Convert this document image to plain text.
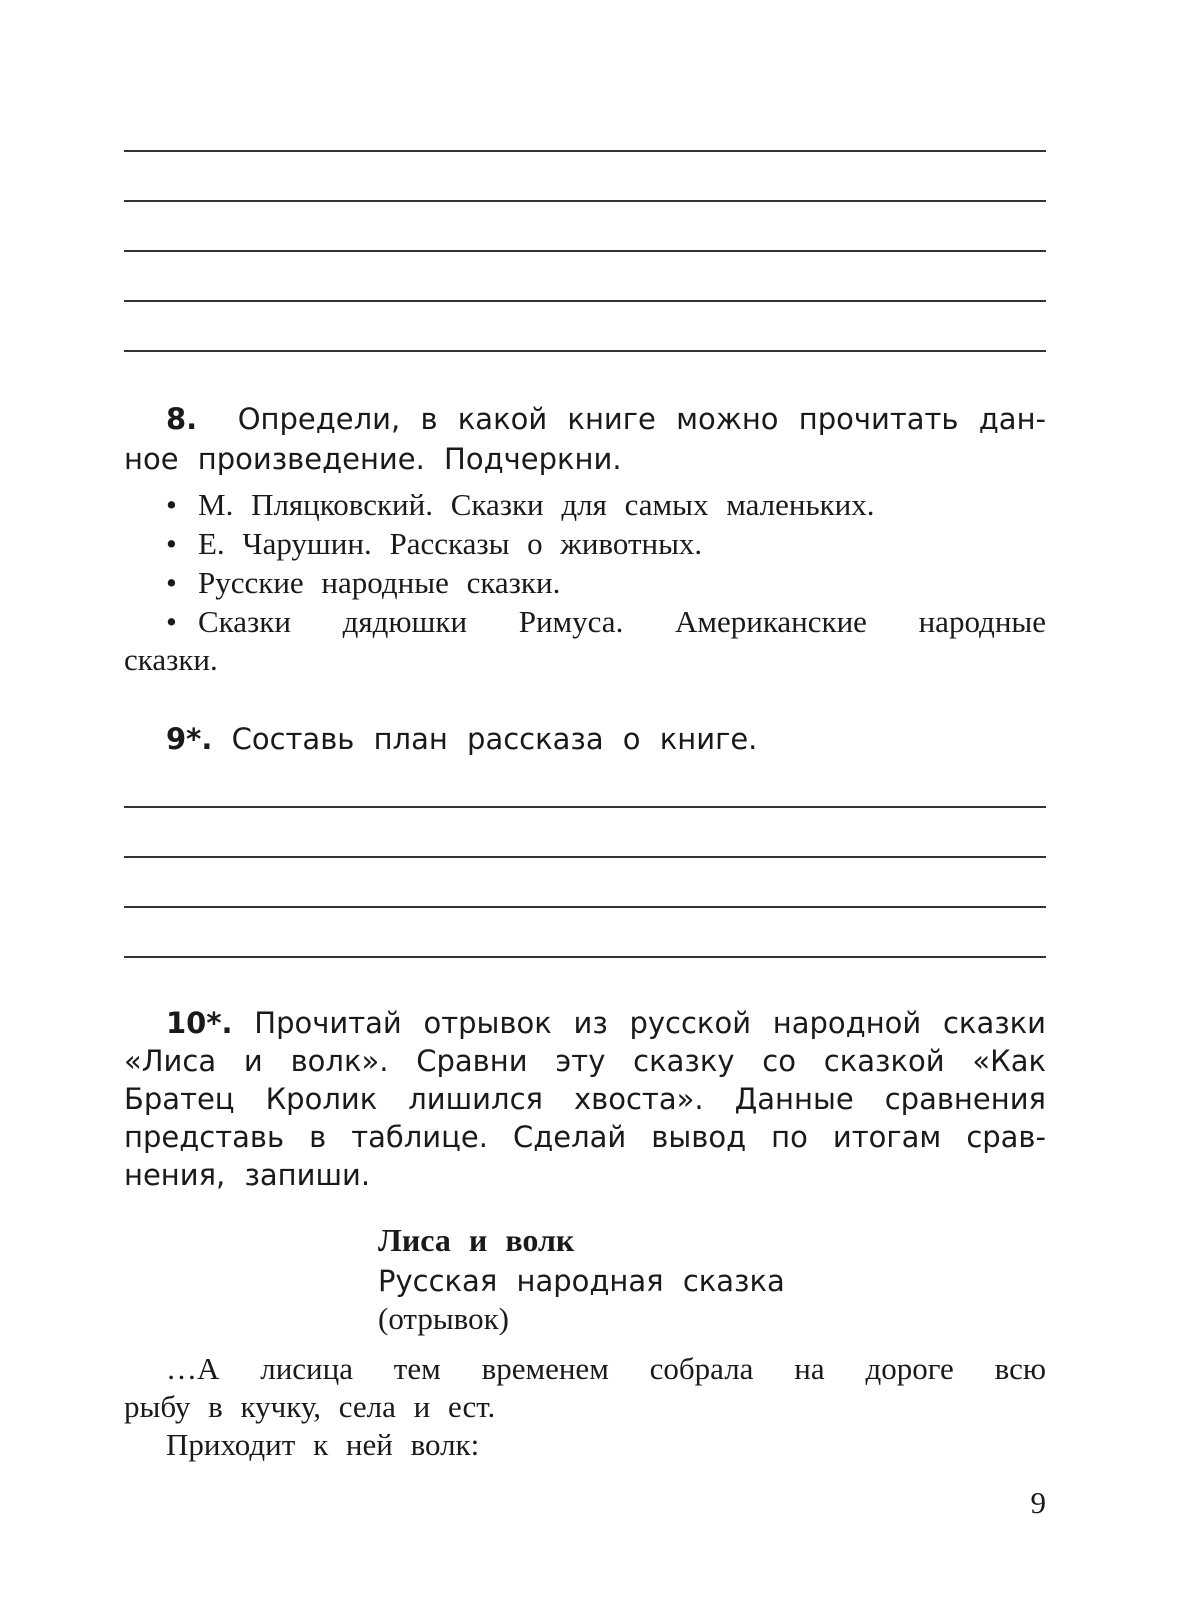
8. Определи, в какой книге можно прочитать дан-
ное произведение. Подчеркни.
• М. Пляцковский. Сказки для самых маленьких.
• Е. Чарушин. Рассказы о животных.
• Русские народные сказки.
• Сказки дядюшки Римуса. Американские народные
сказки.
9*. Составь план рассказа о книге.
10*. Прочитай отрывок из русской народной сказки
«Лиса и волк». Сравни эту сказку со сказкой «Как
Братец Кролик лишился хвоста». Данные сравнения
представь в таблице. Сделай вывод по итогам срав-
нения, запиши.
Лиса и волк
Русская народная сказка
(отрывок)
…А лисица тем временем собрала на дороге всю
рыбу в кучку, села и ест.
Приходит к ней волк:
9
